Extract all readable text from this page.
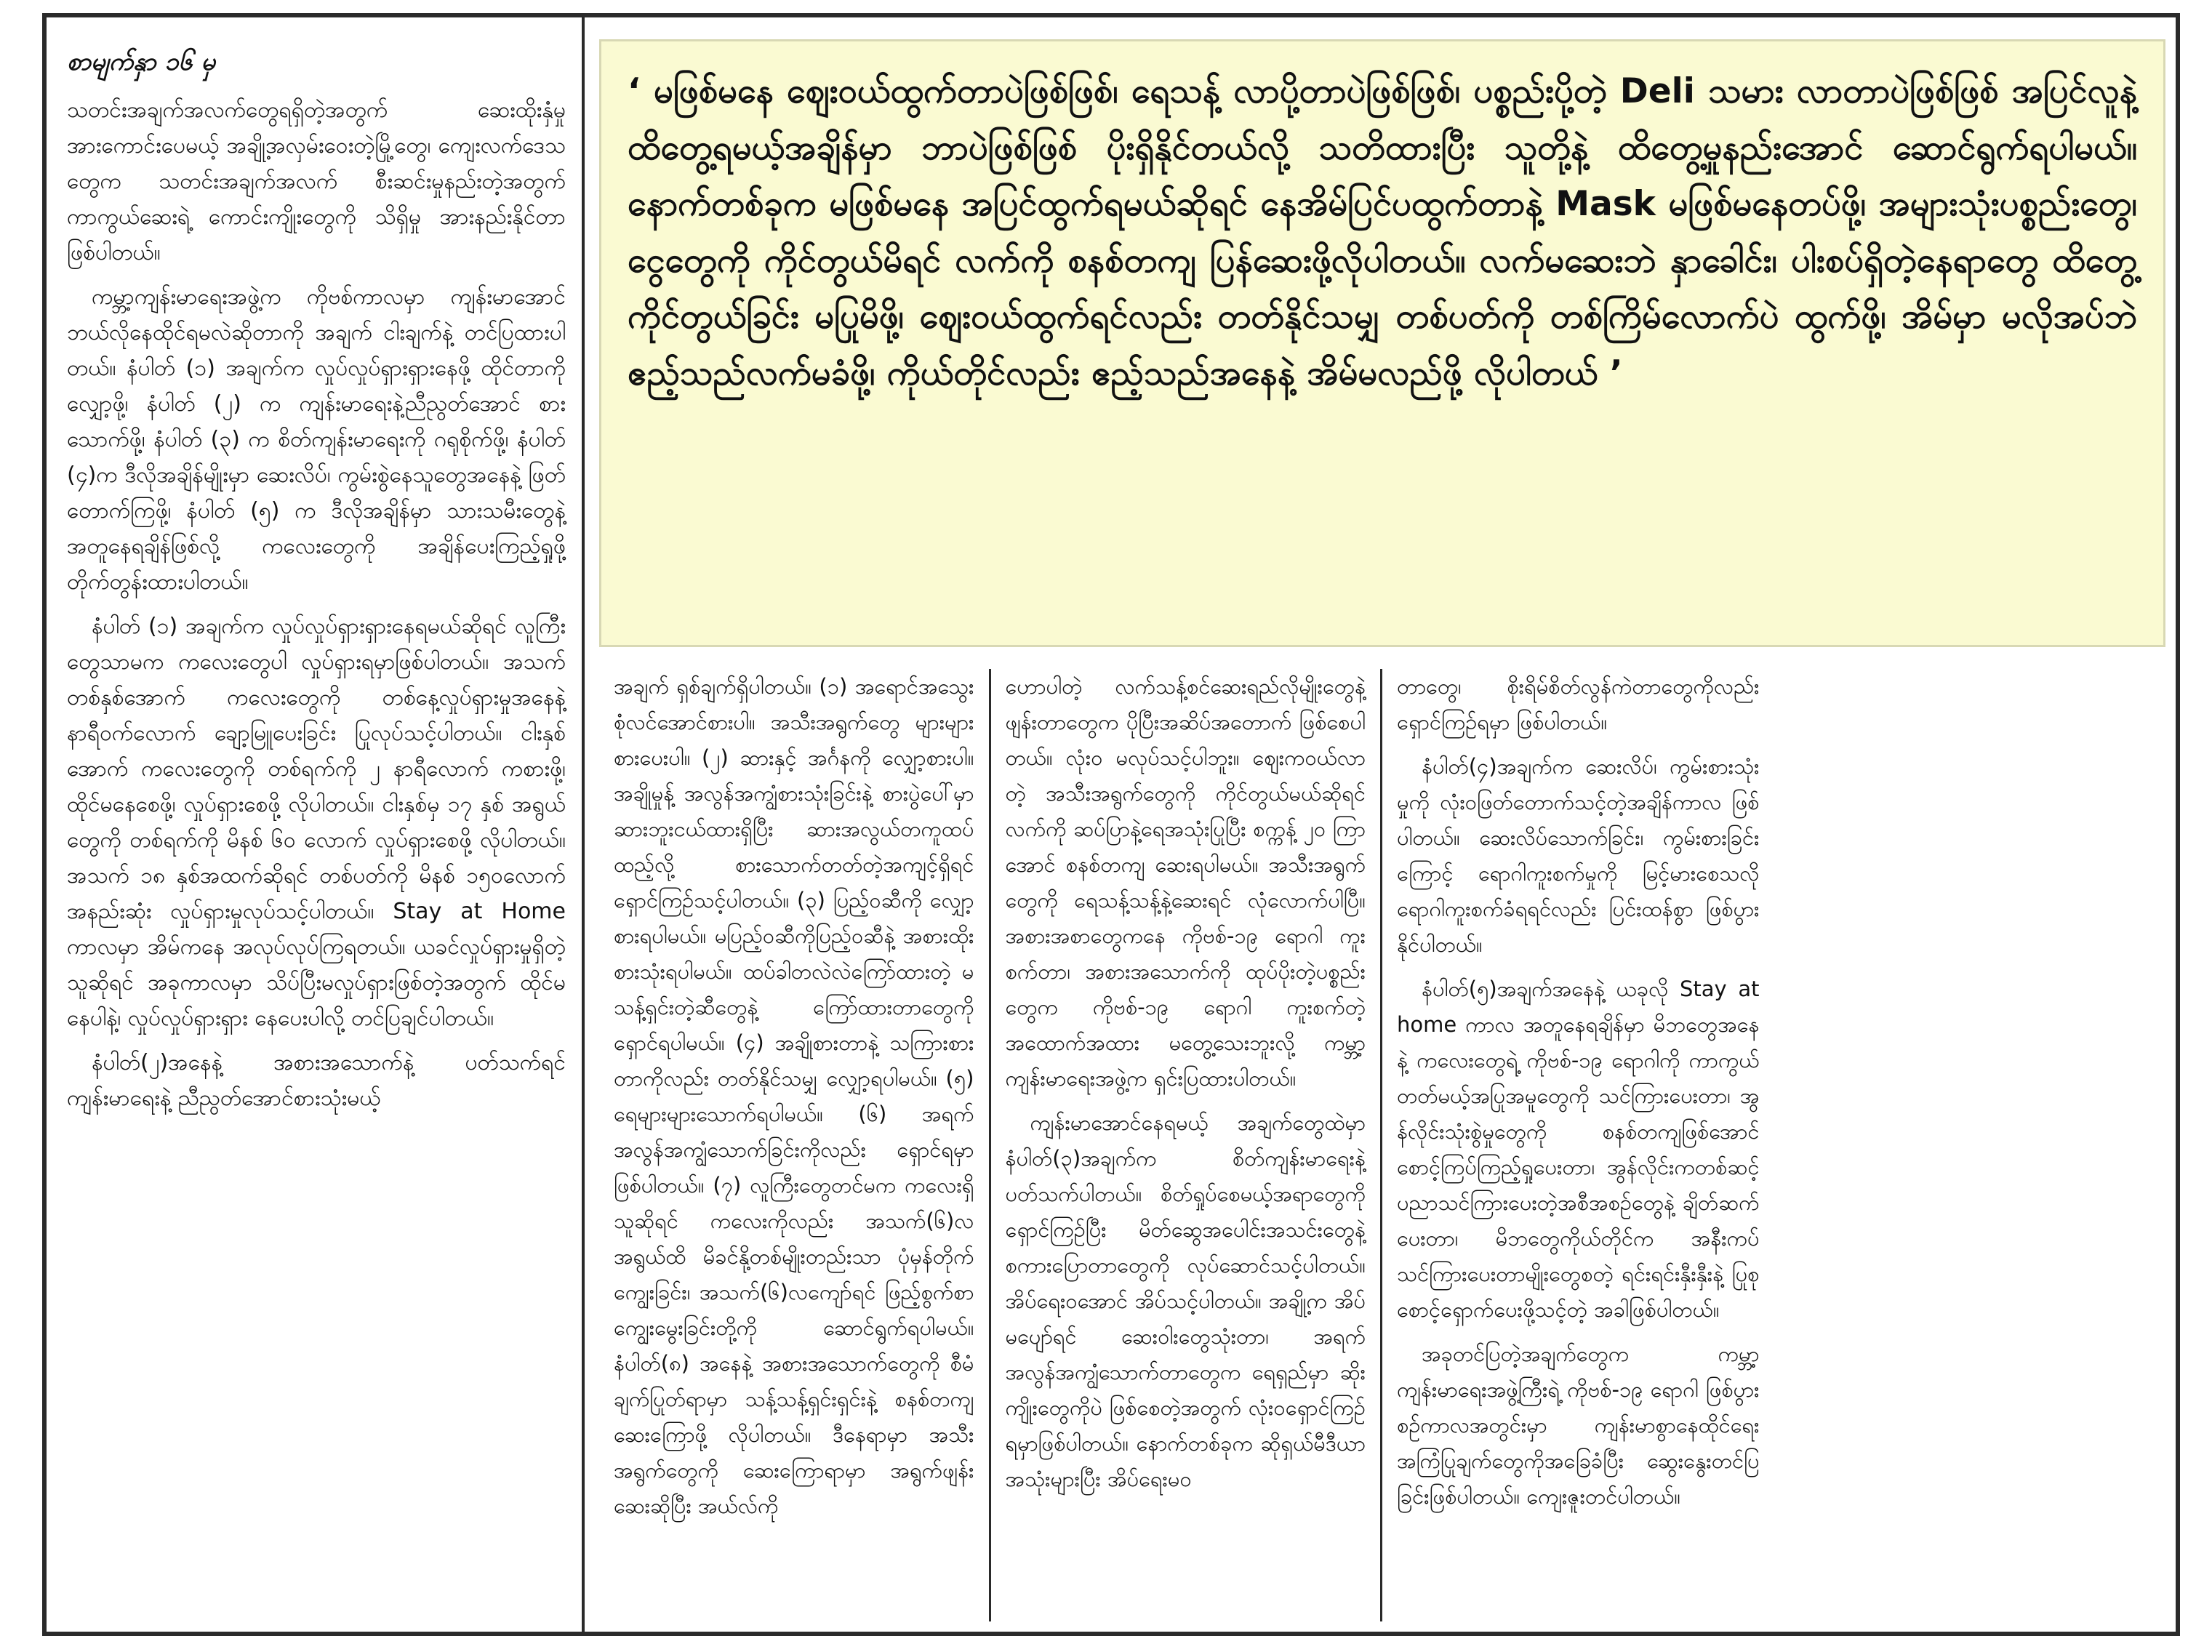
စာမျက်နှာ ၁၆ မှ

သတင်းအချက်အလက်တွေရရှိတဲ့အတွက် ဆေးထိုးနှံမှု အားကောင်းပေမယ့် အချို့အလှမ်းဝေးတဲ့မြို့တွေ၊ ကျေးလက်ဒေသတွေက သတင်းအချက်အလက် စီးဆင်းမှုနည်းတဲ့အတွက် ကာကွယ်ဆေးရဲ့ ကောင်းကျိုးတွေကို သိရှိမှု အားနည်းနိုင်တာ ဖြစ်ပါတယ်။

ကမ္ဘာ့ကျန်းမာရေးအဖွဲ့က ကိုဗစ်ကာလမှာ ကျန်းမာအောင် ဘယ်လိုနေထိုင်ရမလဲဆိုတာကို အချက် ငါးချက်နဲ့ တင်ပြထားပါတယ်။ နံပါတ် (၁) အချက်က လှုပ်လှုပ်ရှားရှားနေဖို့ ထိုင်တာကိုလျှော့ဖို့၊ နံပါတ် (၂) က ကျန်းမာရေးနဲ့ညီညွတ်အောင် စားသောက်ဖို့၊ နံပါတ် (၃) က စိတ်ကျန်းမာရေးကို ဂရုစိုက်ဖို့၊ နံပါတ် (၄)က ဒီလိုအချိန်မျိုးမှာ ဆေးလိပ်၊ ကွမ်းစွဲနေသူတွေအနေနဲ့ ဖြတ်တောက်ကြဖို့၊ နံပါတ် (၅) က ဒီလိုအချိန်မှာ သားသမီးတွေနဲ့ အတူနေရချိန်ဖြစ်လို့ ကလေးတွေကို အချိန်ပေးကြည့်ရှုဖို့ တိုက်တွန်းထားပါတယ်။

နံပါတ် (၁) အချက်က လှုပ်လှုပ်ရှားရှားနေရမယ်ဆိုရင် လူကြီးတွေသာမက ကလေးတွေပါ လှုပ်ရှားရမှာဖြစ်ပါတယ်။ အသက်တစ်နှစ်အောက် ကလေးတွေကို တစ်နေ့လှုပ်ရှားမှုအနေနဲ့ နာရီဝက်လောက် ချော့မြူပေးခြင်း ပြုလုပ်သင့်ပါတယ်။ ငါးနှစ်အောက် ကလေးတွေကို တစ်ရက်ကို ၂ နာရီလောက် ကစားဖို့၊ ထိုင်မနေစေဖို့၊ လှုပ်ရှားစေဖို့ လိုပါတယ်။ ငါးနှစ်မှ ၁၇ နှစ် အရွယ်တွေကို တစ်ရက်ကို မိနစ် ၆၀ လောက် လှုပ်ရှားစေဖို့ လိုပါတယ်။ အသက် ၁၈ နှစ်အထက်ဆိုရင် တစ်ပတ်ကို မိနစ် ၁၅၀လောက်အနည်းဆုံး လှုပ်ရှားမှုလုပ်သင့်ပါတယ်။ Stay at Home ကာလမှာ အိမ်ကနေ အလုပ်လုပ်ကြရတယ်။ ယခင်လှုပ်ရှားမှုရှိတဲ့သူဆိုရင် အခုကာလမှာ သိပ်ပြီးမလှုပ်ရှားဖြစ်တဲ့အတွက် ထိုင်မနေပါနဲ့၊ လှုပ်လှုပ်ရှားရှား နေပေးပါလို့ တင်ပြချင်ပါတယ်။

နံပါတ်(၂)အနေနဲ့ အစားအသောက်နဲ့ ပတ်သက်ရင် ကျန်းမာရေးနဲ့ ညီညွတ်အောင်စားသုံးမယ့်

‘ မဖြစ်မနေ ဈေးဝယ်ထွက်တာပဲဖြစ်ဖြစ်၊ ရေသန့် လာပို့တာပဲဖြစ်ဖြစ်၊ ပစ္စည်းပို့တဲ့ Deli သမား လာတာပဲဖြစ်ဖြစ် အပြင်လူနဲ့ထိတွေ့ရမယ့်အချိန်မှာ ဘာပဲဖြစ်ဖြစ် ပိုးရှိနိုင်တယ်လို့ သတိထားပြီး သူတို့နဲ့ ထိတွေ့မှုနည်းအောင် ဆောင်ရွက်ရပါမယ်။ နောက်တစ်ခုက မဖြစ်မနေ အပြင်ထွက်ရမယ်ဆိုရင် နေအိမ်ပြင်ပထွက်တာနဲ့ Mask မဖြစ်မနေတပ်ဖို့၊ အများသုံးပစ္စည်းတွေ၊ ငွေတွေကို ကိုင်တွယ်မိရင် လက်ကို စနစ်တကျ ပြန်ဆေးဖို့လိုပါတယ်။ လက်မဆေးဘဲ နှာခေါင်း၊ ပါးစပ်ရှိတဲ့နေရာတွေ ထိတွေ့ကိုင်တွယ်ခြင်း မပြုမိဖို့၊ ဈေးဝယ်ထွက်ရင်လည်း တတ်နိုင်သမျှ တစ်ပတ်ကို တစ်ကြိမ်လောက်ပဲ ထွက်ဖို့၊ အိမ်မှာ မလိုအပ်ဘဲ ဧည့်သည်လက်မခံဖို့၊ ကိုယ်တိုင်လည်း ဧည့်သည်အနေနဲ့ အိမ်မလည်ဖို့ လိုပါတယ် ’

အချက် ရှစ်ချက်ရှိပါတယ်။ (၁) အရောင်အသွေးစုံလင်အောင်စားပါ။ အသီးအရွက်တွေ များများစားပေးပါ။ (၂) ဆားနှင့် အင်္ဂနကို လျှော့စားပါ။ အချိုမှုန့် အလွန်အကျွံစားသုံးခြင်းနဲ့ စားပွဲပေါ်မှာ ဆားဘူးငယ်ထားရှိပြီး ဆားအလွယ်တကူထပ်ထည့်လို့ စားသောက်တတ်တဲ့အကျင့်ရှိရင် ရှောင်ကြဉ်သင့်ပါတယ်။ (၃) ပြည့်ဝဆီကို လျှော့စားရပါမယ်။ မပြည့်ဝဆီကိုပြည့်ဝဆီနဲ့ အစားထိုးစားသုံးရပါမယ်။ ထပ်ခါတလဲလဲကြော်ထားတဲ့ မသန့်ရှင်းတဲ့ဆီတွေနဲ့ ကြော်ထားတာတွေကို ရှောင်ရပါမယ်။ (၄) အချိုစားတာနဲ့ သကြားစားတာကိုလည်း တတ်နိုင်သမျှ လျှော့ရပါမယ်။ (၅) ရေများများသောက်ရပါမယ်။ (၆) အရက်အလွန်အကျွံသောက်ခြင်းကိုလည်း ရှောင်ရမှာဖြစ်ပါတယ်။ (၇) လူကြီးတွေတင်မက ကလေးရှိသူဆိုရင် ကလေးကိုလည်း အသက်(၆)လအရွယ်ထိ မိခင်နို့တစ်မျိုးတည်းသာ ပုံမှန်တိုက်ကျွေးခြင်း၊ အသက်(၆)လကျော်ရင် ဖြည့်စွက်စာ ကျွေးမွေးခြင်းတို့ကို ဆောင်ရွက်ရပါမယ်။ နံပါတ်(၈) အနေနဲ့ အစားအသောက်တွေကို စီမံချက်ပြုတ်ရာမှာ သန့်သန့်ရှင်းရှင်းနဲ့ စနစ်တကျ ဆေးကြောဖို့ လိုပါတယ်။ ဒီနေရာမှာ အသီးအရွက်တွေကို ဆေးကြောရာမှာ အရွက်ဖျန်းဆေးဆိုပြီး အယ်လ်ကို

ဟောပါတဲ့ လက်သန့်စင်ဆေးရည်လိုမျိုးတွေနဲ့ ဖျန်းတာတွေက ပိုပြီးအဆိပ်အတောက် ဖြစ်စေပါတယ်။ လုံးဝ မလုပ်သင့်ပါဘူး။ ဈေးကဝယ်လာတဲ့ အသီးအရွက်တွေကို ကိုင်တွယ်မယ်ဆိုရင် လက်ကို ဆပ်ပြာနဲ့ရေအသုံးပြုပြီး စက္ကန့် ၂၀ ကြာအောင် စနစ်တကျ ဆေးရပါမယ်။ အသီးအရွက်တွေကို ရေသန့်သန့်နဲ့ဆေးရင် လုံလောက်ပါပြီ။ အစားအစာတွေကနေ ကိုဗစ်-၁၉ ရောဂါ ကူးစက်တာ၊ အစားအသောက်ကို ထုပ်ပိုးတဲ့ပစ္စည်းတွေက ကိုဗစ်-၁၉ ရောဂါ ကူးစက်တဲ့ အထောက်အထား မတွေ့သေးဘူးလို့ ကမ္ဘာ့ကျန်းမာရေးအဖွဲ့က ရှင်းပြထားပါတယ်။

ကျန်းမာအောင်နေရမယ့် အချက်တွေထဲမှာ နံပါတ်(၃)အချက်က စိတ်ကျန်းမာရေးနဲ့ပတ်သက်ပါတယ်။ စိတ်ရှုပ်စေမယ့်အရာတွေကို ရှောင်ကြဉ်ပြီး မိတ်ဆွေအပေါင်းအသင်းတွေနဲ့ စကားပြောတာတွေကို လုပ်ဆောင်သင့်ပါတယ်။ အိပ်ရေးဝအောင် အိပ်သင့်ပါတယ်။ အချို့က အိပ်မပျော်ရင် ဆေးဝါးတွေသုံးတာ၊ အရက်အလွန်အကျွံသောက်တာတွေက ရေရှည်မှာ ဆိုးကျိုးတွေကိုပဲ ဖြစ်စေတဲ့အတွက် လုံးဝရှောင်ကြဉ်ရမှာဖြစ်ပါတယ်။ နောက်တစ်ခုက ဆိုရှယ်မီဒီယာအသုံးများပြီး အိပ်ရေးမဝ

တာတွေ၊ စိုးရိမ်စိတ်လွန်ကဲတာတွေကိုလည်း ရှောင်ကြဉ်ရမှာ ဖြစ်ပါတယ်။

နံပါတ်(၄)အချက်က ဆေးလိပ်၊ ကွမ်းစားသုံးမှုကို လုံးဝဖြတ်တောက်သင့်တဲ့အချိန်ကာလ ဖြစ်ပါတယ်။ ဆေးလိပ်သောက်ခြင်း၊ ကွမ်းစားခြင်းကြောင့် ရောဂါကူးစက်မှုကို မြင့်မားစေသလို ရောဂါကူးစက်ခံရရင်လည်း ပြင်းထန်စွာ ဖြစ်ပွားနိုင်ပါတယ်။

နံပါတ်(၅)အချက်အနေနဲ့ ယခုလို Stay at home ကာလ အတူနေရချိန်မှာ မိဘတွေအနေနဲ့ ကလေးတွေရဲ့ ကိုဗစ်-၁၉ ရောဂါကို ကာကွယ်တတ်မယ့်အပြုအမူတွေကို သင်ကြားပေးတာ၊ အွန်လိုင်းသုံးစွဲမှုတွေကို စနစ်တကျဖြစ်အောင် စောင့်ကြပ်ကြည့်ရှုပေးတာ၊ အွန်လိုင်းကတစ်ဆင့် ပညာသင်ကြားပေးတဲ့အစီအစဉ်တွေနဲ့ ချိတ်ဆက်ပေးတာ၊ မိဘတွေကိုယ်တိုင်က အနီးကပ်သင်ကြားပေးတာမျိုးတွေစတဲ့ ရင်းရင်းနှီးနှီးနဲ့ ပြုစုစောင့်ရှောက်ပေးဖို့သင့်တဲ့ အခါဖြစ်ပါတယ်။

အခုတင်ပြတဲ့အချက်တွေက ကမ္ဘာ့ကျန်းမာရေးအဖွဲ့ကြီးရဲ့ ကိုဗစ်-၁၉ ရောဂါ ဖြစ်ပွားစဉ်ကာလအတွင်းမှာ ကျန်းမာစွာနေထိုင်ရေး အကြံပြုချက်တွေကိုအခြေခံပြီး ဆွေးနွေးတင်ပြခြင်းဖြစ်ပါတယ်။ ကျေးဇူးတင်ပါတယ်။
